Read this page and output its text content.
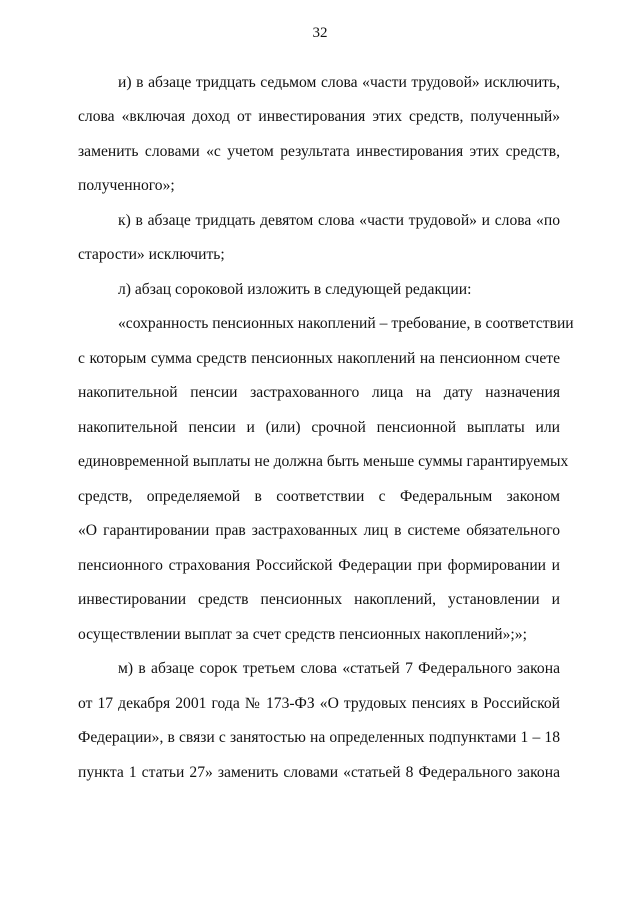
32
и) в абзаце тридцать седьмом слова «части трудовой» исключить,
слова «включая доход от инвестирования этих средств, полученный»
заменить словами «с учетом результата инвестирования этих средств,
полученного»;
к) в абзаце тридцать девятом слова «части трудовой» и слова «по
старости» исключить;
л) абзац сороковой изложить в следующей редакции:
«сохранность пенсионных накоплений – требование, в соответствии
с которым сумма средств пенсионных накоплений на пенсионном счете
накопительной пенсии застрахованного лица на дату назначения
накопительной пенсии и (или) срочной пенсионной выплаты или
единовременной выплаты не должна быть меньше суммы гарантируемых
средств, определяемой в соответствии с Федеральным законом
«О гарантировании прав застрахованных лиц в системе обязательного
пенсионного страхования Российской Федерации при формировании и
инвестировании средств пенсионных накоплений, установлении и
осуществлении выплат за счет средств пенсионных накоплений»;»;
м) в абзаце сорок третьем слова «статьей 7 Федерального закона
от 17 декабря 2001 года № 173-ФЗ «О трудовых пенсиях в Российской
Федерации», в связи с занятостью на определенных подпунктами 1 – 18
пункта 1 статьи 27» заменить словами «статьей 8 Федерального закона
